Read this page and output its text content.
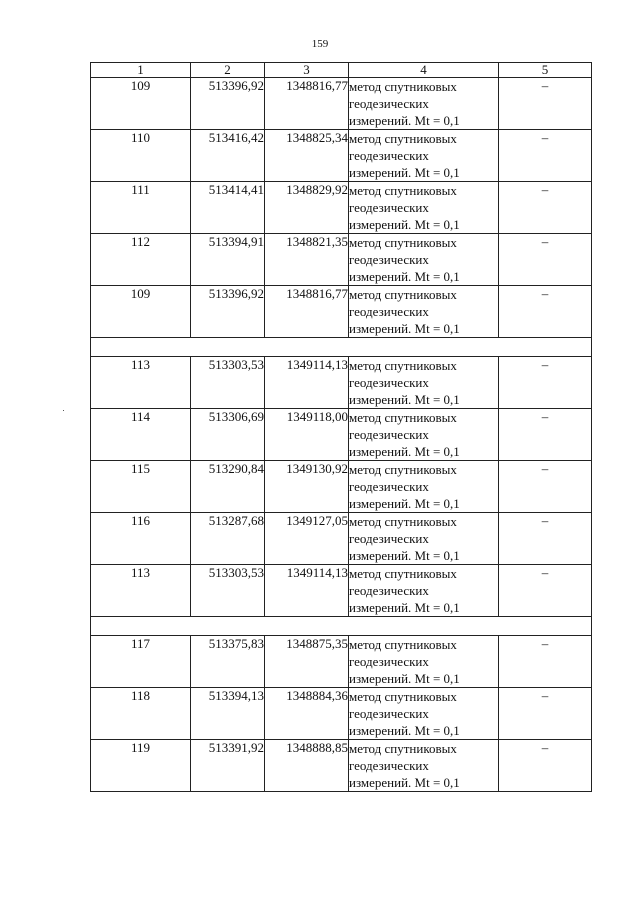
159
1	2	3	4	5
109	513396,92	1348816,77	метод спутниковых
геодезических
измерений. Mt = 0,1	–
110	513416,42	1348825,34	метод спутниковых
геодезических
измерений. Mt = 0,1	–
111	513414,41	1348829,92	метод спутниковых
геодезических
измерений. Mt = 0,1	–
112	513394,91	1348821,35	метод спутниковых
геодезических
измерений. Mt = 0,1	–
109	513396,92	1348816,77	метод спутниковых
геодезических
измерений. Mt = 0,1	–

113	513303,53	1349114,13	метод спутниковых
геодезических
измерений. Mt = 0,1	–
114	513306,69	1349118,00	метод спутниковых
геодезических
измерений. Mt = 0,1	–
115	513290,84	1349130,92	метод спутниковых
геодезических
измерений. Mt = 0,1	–
116	513287,68	1349127,05	метод спутниковых
геодезических
измерений. Mt = 0,1	–
113	513303,53	1349114,13	метод спутниковых
геодезических
измерений. Mt = 0,1	–

117	513375,83	1348875,35	метод спутниковых
геодезических
измерений. Mt = 0,1	–
118	513394,13	1348884,36	метод спутниковых
геодезических
измерений. Mt = 0,1	–
119	513391,92	1348888,85	метод спутниковых
геодезических
измерений. Mt = 0,1	–
